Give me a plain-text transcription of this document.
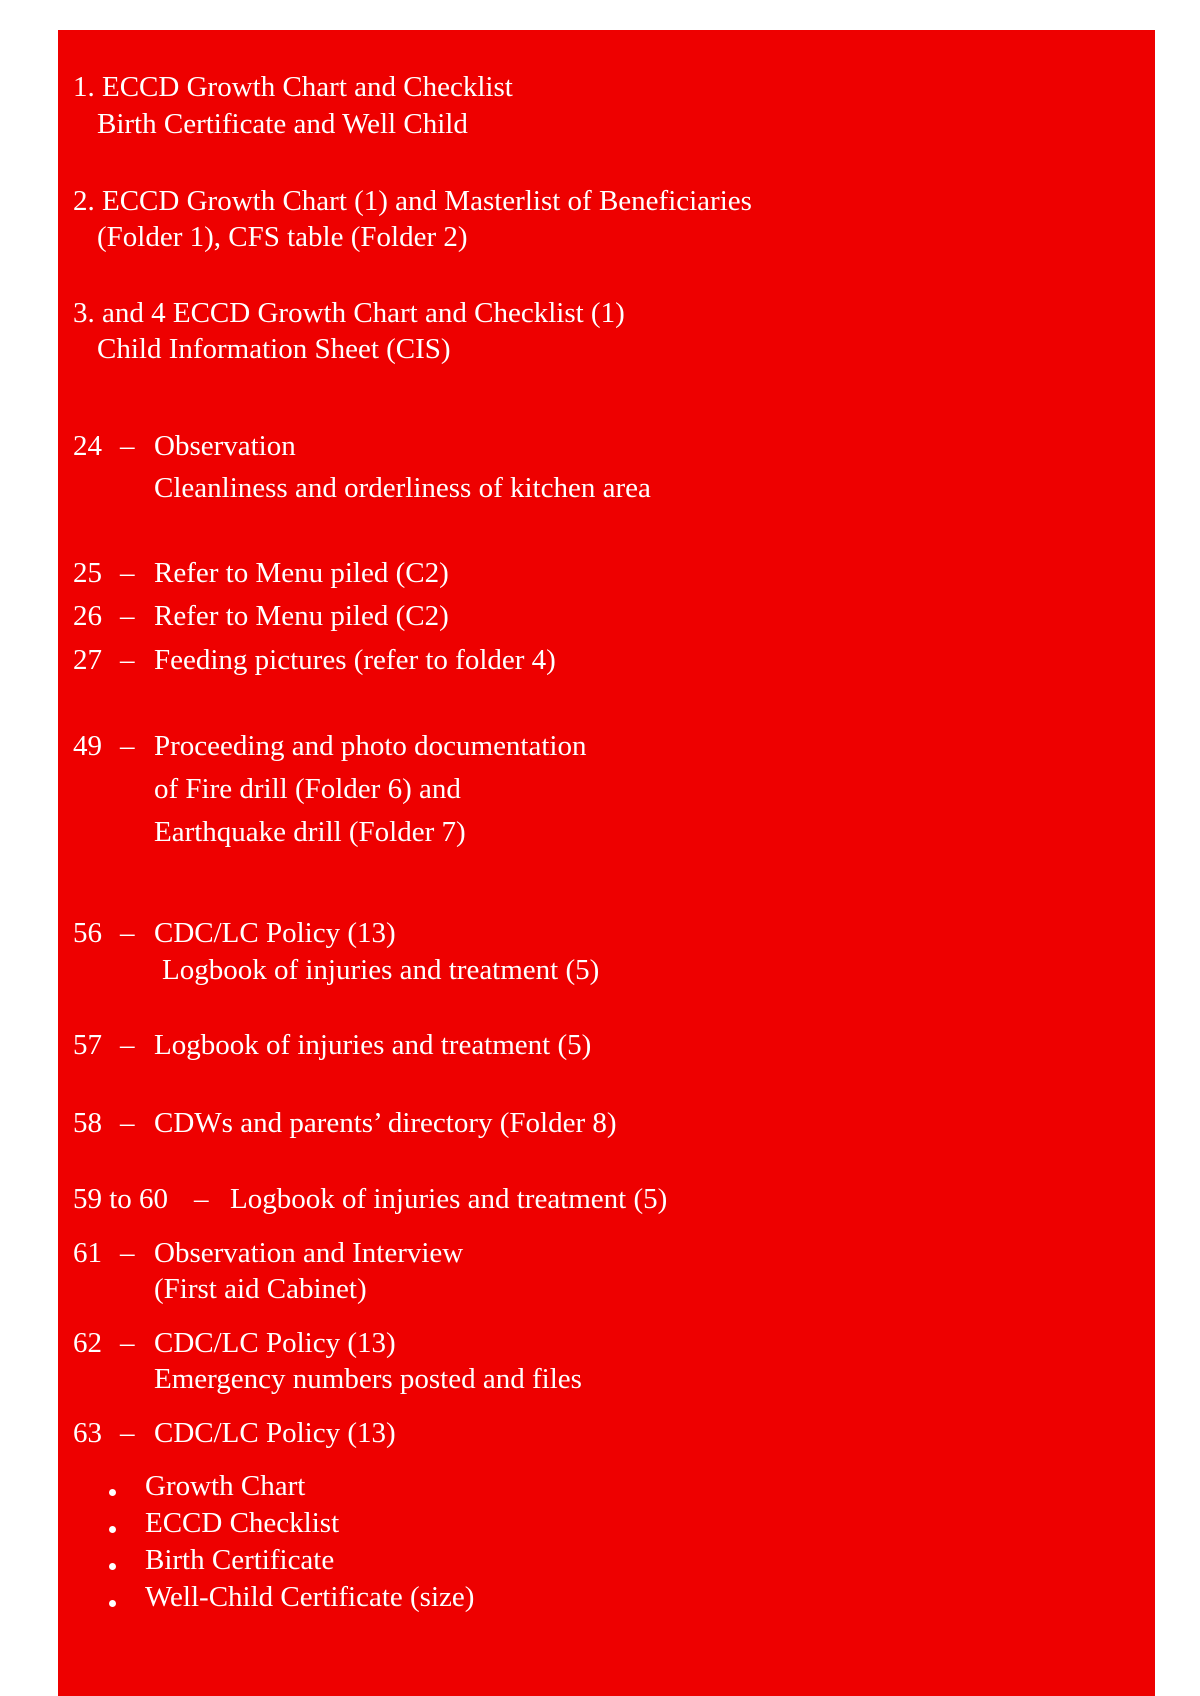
1. ECCD Growth Chart and Checklist
Birth Certificate and Well Child
2. ECCD Growth Chart (1) and Masterlist of Beneficiaries
(Folder 1), CFS table (Folder 2)
3. and 4 ECCD Growth Chart and Checklist (1)
Child Information Sheet (CIS)
24 – Observation
Cleanliness and orderliness of kitchen area
25 – Refer to Menu piled (C2)
26 – Refer to Menu piled (C2)
27 – Feeding pictures (refer to folder 4)
49 – Proceeding and photo documentation
of Fire drill (Folder 6) and
Earthquake drill (Folder 7)
56 – CDC/LC Policy (13)
Logbook of injuries and treatment (5)
57 – Logbook of injuries and treatment (5)
58 – CDWs and parents’ directory (Folder 8)
59 to 60 – Logbook of injuries and treatment (5)
61 – Observation and Interview
(First aid Cabinet)
62 – CDC/LC Policy (13)
Emergency numbers posted and files
63 – CDC/LC Policy (13)
Growth Chart
ECCD Checklist
Birth Certificate
Well-Child Certificate (size)
